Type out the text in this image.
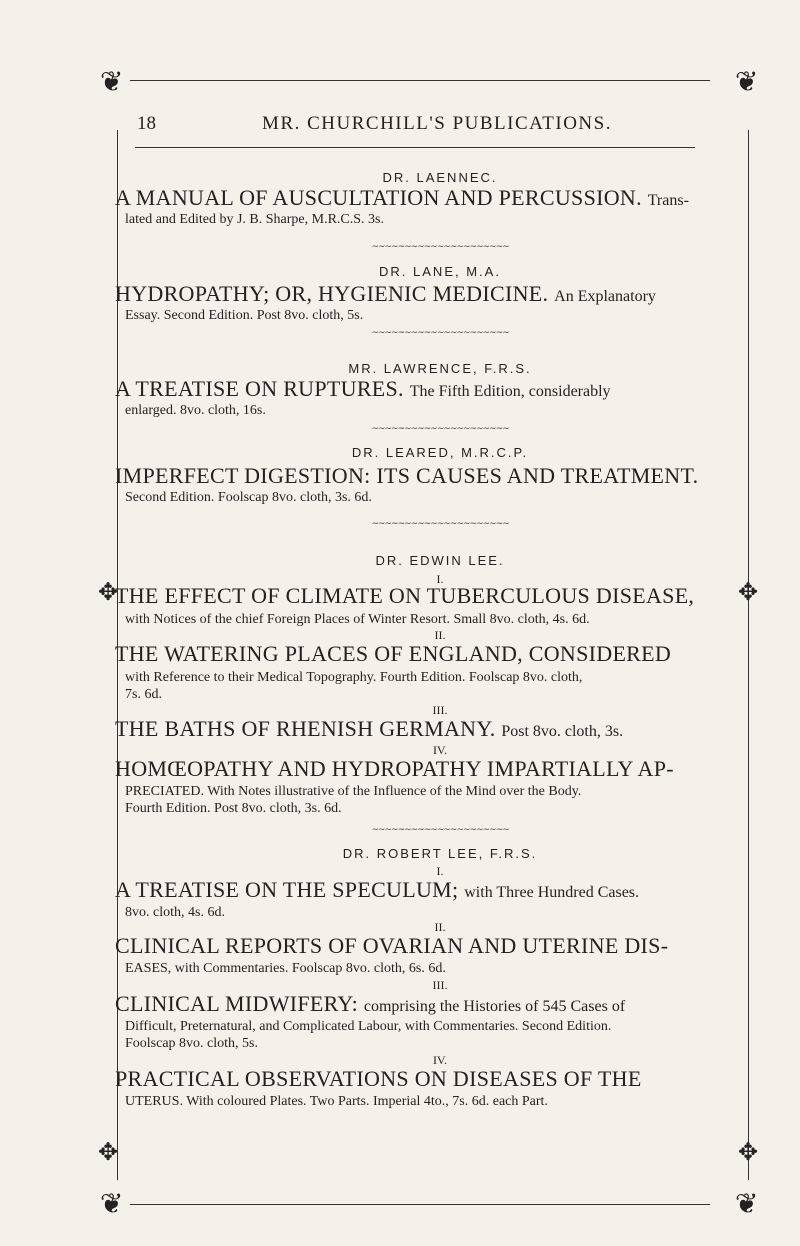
❦	❦
❦	❦
✥	✥
✥	✥
18	MR. CHURCHILL'S PUBLICATIONS.
DR. LAENNEC.
A MANUAL OF AUSCULTATION AND PERCUSSION. Trans-
lated and Edited by J. B. Sharpe, M.R.C.S. 3s.
∼∼∼∼∼∼∼∼∼∼∼∼∼∼∼∼∼∼∼∼∼
DR. LANE, M.A.
HYDROPATHY; OR, HYGIENIC MEDICINE. An Explanatory
Essay. Second Edition. Post 8vo. cloth, 5s.
∼∼∼∼∼∼∼∼∼∼∼∼∼∼∼∼∼∼∼∼∼
MR. LAWRENCE, F.R.S.
A TREATISE ON RUPTURES. The Fifth Edition, considerably
enlarged. 8vo. cloth, 16s.
∼∼∼∼∼∼∼∼∼∼∼∼∼∼∼∼∼∼∼∼∼
DR. LEARED, M.R.C.P.
IMPERFECT DIGESTION: ITS CAUSES AND TREATMENT.
Second Edition. Foolscap 8vo. cloth, 3s. 6d.
∼∼∼∼∼∼∼∼∼∼∼∼∼∼∼∼∼∼∼∼∼
DR. EDWIN LEE.
I.
THE EFFECT OF CLIMATE ON TUBERCULOUS DISEASE,
with Notices of the chief Foreign Places of Winter Resort. Small 8vo. cloth, 4s. 6d.
II.
THE WATERING PLACES OF ENGLAND, CONSIDERED
with Reference to their Medical Topography. Fourth Edition. Foolscap 8vo. cloth,
7s. 6d.
III.
THE BATHS OF RHENISH GERMANY. Post 8vo. cloth, 3s.
IV.
HOMŒOPATHY AND HYDROPATHY IMPARTIALLY AP-
PRECIATED. With Notes illustrative of the Influence of the Mind over the Body.
Fourth Edition. Post 8vo. cloth, 3s. 6d.
∼∼∼∼∼∼∼∼∼∼∼∼∼∼∼∼∼∼∼∼∼
DR. ROBERT LEE, F.R.S.
I.
A TREATISE ON THE SPECULUM; with Three Hundred Cases.
8vo. cloth, 4s. 6d.
II.
CLINICAL REPORTS OF OVARIAN AND UTERINE DIS-
EASES, with Commentaries. Foolscap 8vo. cloth, 6s. 6d.
III.
CLINICAL MIDWIFERY: comprising the Histories of 545 Cases of
Difficult, Preternatural, and Complicated Labour, with Commentaries. Second Edition.
Foolscap 8vo. cloth, 5s.
IV.
PRACTICAL OBSERVATIONS ON DISEASES OF THE
UTERUS. With coloured Plates. Two Parts. Imperial 4to., 7s. 6d. each Part.
